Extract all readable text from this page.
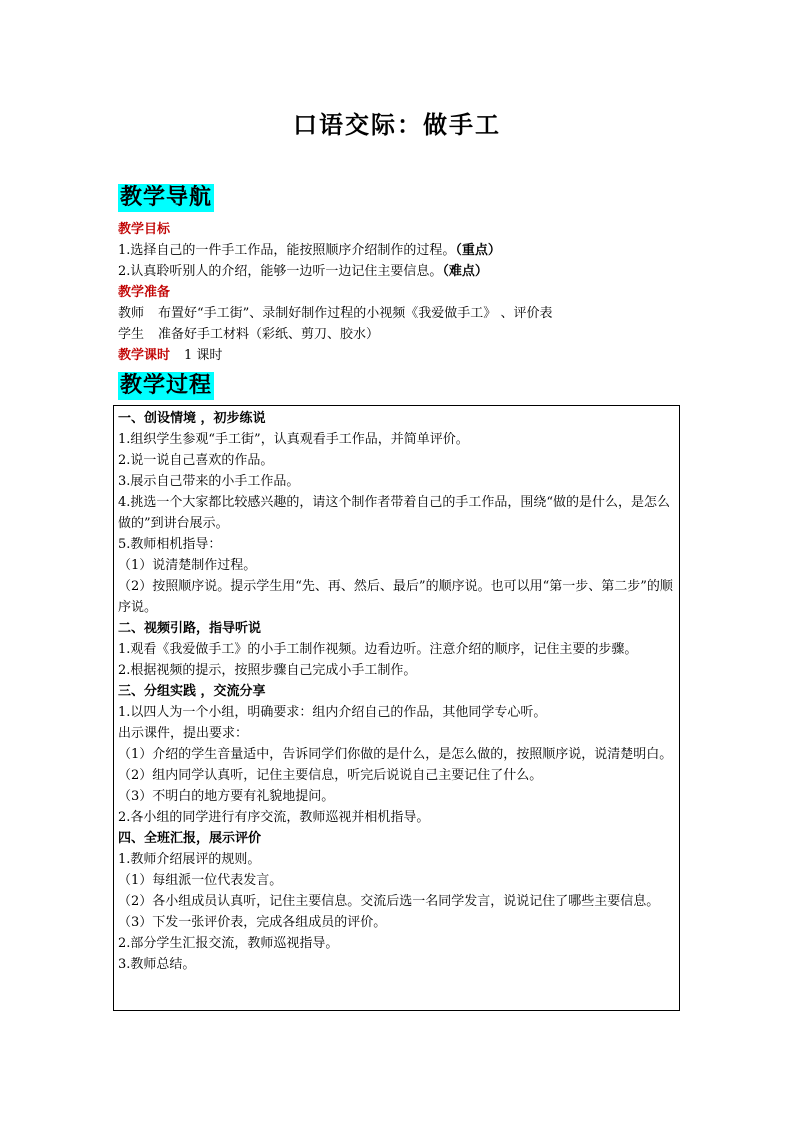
口语交际：做手工
教学导航
教学目标
1.选择自己的一件手工作品，能按照顺序介绍制作的过程。（重点）
2.认真聆听别人的介绍，能够一边听一边记住主要信息。（难点）
教学准备
教师 布置好“手工街”、录制好制作过程的小视频《我爱做手工》 、评价表
学生 准备好手工材料（彩纸、剪刀、胶水）
教学课时 1 课时
教学过程
一、创设情境 ，初步练说
1.组织学生参观“手工街”，认真观看手工作品，并简单评价。
2.说一说自己喜欢的作品。
3.展示自己带来的小手工作品。
4.挑选一个大家都比较感兴趣的，请这个制作者带着自己的手工作品，围绕“做的是什么，是怎么做的”到讲台展示。
5.教师相机指导：
（1）说清楚制作过程。
（2）按照顺序说。提示学生用“先、再、然后、最后”的顺序说。也可以用“第一步、第二步”的顺序说。
二、视频引路，指导听说
1.观看《我爱做手工》的小手工制作视频。边看边听。注意介绍的顺序，记住主要的步骤。
2.根据视频的提示，按照步骤自己完成小手工制作。
三、分组实践 ，交流分享
1.以四人为一个小组，明确要求：组内介绍自己的作品，其他同学专心听。
出示课件，提出要求：
（1）介绍的学生音量适中，告诉同学们你做的是什么，是怎么做的，按照顺序说，说清楚明白。
（2）组内同学认真听，记住主要信息，听完后说说自己主要记住了什么。
（3）不明白的地方要有礼貌地提问。
2.各小组的同学进行有序交流，教师巡视并相机指导。
四、全班汇报，展示评价
1.教师介绍展评的规则。
（1）每组派一位代表发言。
（2）各小组成员认真听，记住主要信息。交流后选一名同学发言，说说记住了哪些主要信息。
（3）下发一张评价表，完成各组成员的评价。
2.部分学生汇报交流，教师巡视指导。
3.教师总结。
